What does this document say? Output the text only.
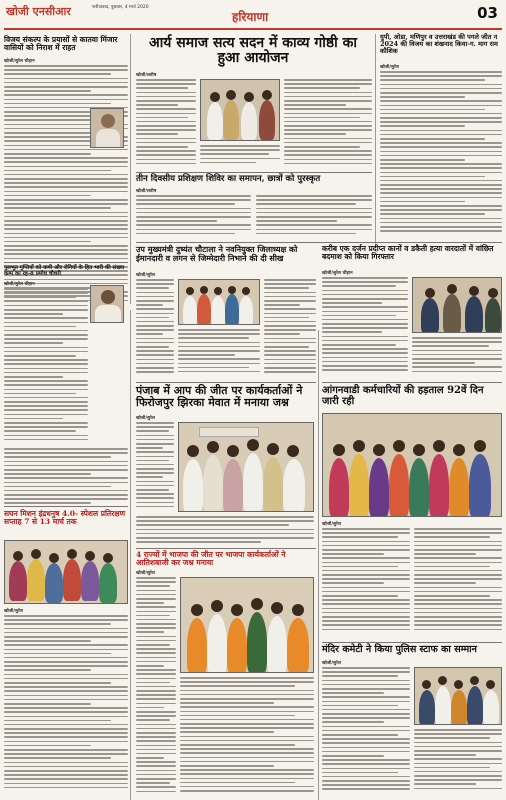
खोजी एनसीआर	फरीदाबाद, बुधवार, 4 मार्च 2020
हरियाणा	03
विजय संकल्प के प्रयासों से कातवा मिंजार वासियों को निराश में राहत
खोजी/सुरेश चौहान
पुलभूत गुप्तियों को कमी और रोगियों के हित भारी की संख्या कम्प का रह-8 प्रमोध चौधरी
खोजी/सुरेश चौहान
सघन मिशन इंद्रधनुष 4.0- स्पेशल प्रतिरक्षण सप्ताह 7 से 13 मार्च तक
खोजी/सुरेश
आर्य समाज सत्य सदन में काव्य गोष्ठी का हुआ आयोजन
खोजी/लवीष
तीन दिवसीय प्रशिक्षण शिविर का समापन, छात्रों को पुरस्कृत
खोजी/लवीष
युपी, ओडा, मणिपुर व उत्तराखंड की पगले जीत न 2024 की विजय का शंखनाद किया-ग. माग राम कौशिक
खोजी/सुरेश
उप मुख्यमंत्री दुष्यंत चौटाला ने नवनियुक्त जिलाध्यक्ष को ईमानदारी व लगन से जिम्मेदारी निभाने की दी सीख
खोजी/सुरेश
करीब एक दर्जन प्रदीप्त कानों व डकैती हत्या वारदातों में वांछित बदमाश को किया गिरफ्तार
खोजी/सुरेश चौहान
पंजाब में आप की जीत पर कार्यकर्ताओं ने फिरोजपुर झिरका मेवात में मनाया जश्न
खोजी/सुरेश
आंगनवाडी कर्मचारियों की हड़ताल 92वें दिन जारी रही
खोजी/सुरेश
4 राज्यों में भाजपा की जीत पर भाजपा कार्यकर्ताओं ने आतिशबाजी कर जश्न मनाया
खोजी/सुरेश
मंदिर कमेटी ने किया पुलिस स्टाफ का सम्मान
खोजी/सुरेश
